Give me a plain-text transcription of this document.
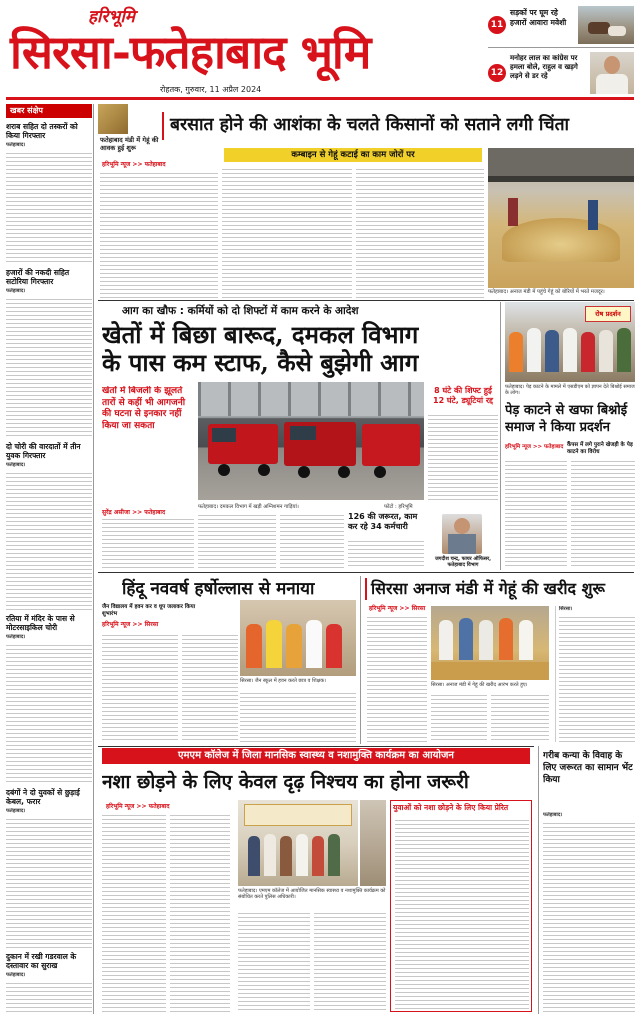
हरिभूमि
सिरसा-फतेहाबाद भूमि
रोहतक, गुरुवार, 11 अप्रैल 2024
11
सड़कों पर घूम रहे हजारों आवारा मवेशी
12
मनोहर लाल का कांग्रेस पर हमला बोले, राहुल व खड़गे लड़ने से डर रहे
खबर संक्षेप
शराब सहित दो तस्करों को किया गिरफ्तार
फतेहाबाद।
हजारों की नकदी सहित सटोरिया गिरफ्तार
फतेहाबाद।
दो चोरी की वारदातों में तीन युवक गिरफ्तार
फतेहाबाद।
रतिया में मंदिर के पास से मोटरसाइकिल चोरी
फतेहाबाद।
दबंगों ने दो युवकों से छुड़ाई केबल, फरार
फतेहाबाद।
दुकान में रखी गडरवाल के दस्तावार का सुराख
फतेहाबाद।
फतेहाबाद मंडी में गेहूं की आवक हुई शुरू
बरसात होने की आशंका के चलते किसानों को सताने लगी चिंता
हरिभूमि न्यूज >> फतेहाबाद
कम्बाइन से गेहूं कटाई का काम जोरों पर
फतेहाबाद। अनाज मंडी में पहुंचे गेहूं को बोरियों में भरते मजदूर।
आग का खौफ : कर्मियों को दो शिफ्टों में काम करने के आदेश
खेतों में बिछा बारूद, दमकल विभाग
के पास कम स्टाफ, कैसे बुझेगी आग
खेतों में बिजली के झूलते तारों से कहीं भी आगजनी की घटना से इनकार नहीं किया जा सकता
सुरेंद्र असीजा >> फतेहाबाद
फतेहाबाद। दमकल विभाग में खड़ी अग्निशमन गाड़ियां।	फोटो : हरिभूमि
8 घंटे की शिफ्ट हुई 12 घंटे, ड्यूटियां रद्द
जगदीश चन्द्र, फायर ऑफिसर, फतेहाबाद विभाग
126 की जरूरत, काम कर रहे 34 कर्मचारी
रोष प्रदर्शन
फतेहाबाद। पेड़ काटने के मामले में एसडीएम को ज्ञापन देते बिश्नोई समाज के लोग।
पेड़ काटने से खफा बिश्नोई समाज ने किया प्रदर्शन
हरिभूमि न्यूज >> फतेहाबाद कैंपस में लगे पुराने खेजड़ी के पेड़ काटने का विरोध
हिंदू नववर्ष हर्षोल्लास से मनाया
जैन विद्यालय में हवन कर व धूप जलाकर किया शुभारंभ
हरिभूमि न्यूज >> सिरसा
सिरसा। जैन स्कूल में हवन करते छात्र व शिक्षक।
सिरसा अनाज मंडी में गेहूं की खरीद शुरू
हरिभूमि न्यूज >> सिरसा
सिरसा। अनाज मंडी में गेहूं की खरीद आरंभ करते हुए।
सिरसा।
गरीब कन्या के विवाह के लिए जरूरत का सामान भेंट किया
फतेहाबाद।
एमएम कॉलेज में जिला मानसिक स्वास्थ्य व नशामुक्ति कार्यक्रम का आयोजन
नशा छोड़ने के लिए केवल दृढ़ निश्चय का होना जरूरी
हरिभूमि न्यूज >> फतेहाबाद
फतेहाबाद। एमएम कॉलेज में आयोजित मानसिक स्वास्थ्य व नशामुक्ति कार्यक्रम को संबोधित करते पुलिस अधिकारी।
युवाओं को नशा छोड़ने के लिए किया प्रेरित
